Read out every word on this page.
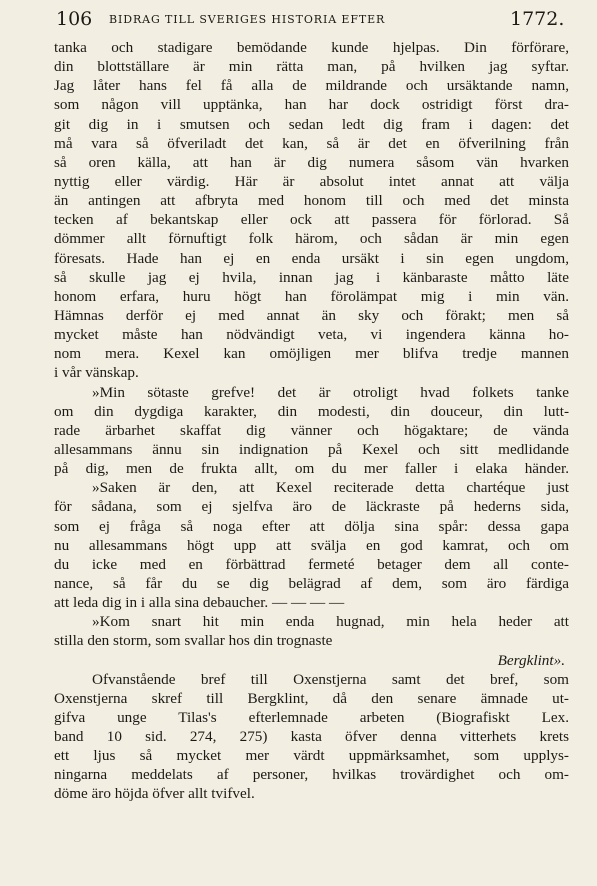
106 BIDRAG TILL SVERIGES HISTORIA EFTER	1772.
tanka och stadigare bemödande kunde hjelpas. Din förförare,
din blottställare är min rätta man, på hvilken jag syftar.
Jag låter hans fel få alla de mildrande och ursäktande namn,
som någon vill upptänka, han har dock ostridigt först dra-
git dig in i smutsen och sedan ledt dig fram i dagen: det
må vara så öfveriladt det kan, så är det en öfverilning från
så oren källa, att han är dig numera såsom vän hvarken
nyttig eller värdig. Här är absolut intet annat att välja
än antingen att afbryta med honom till och med det minsta
tecken af bekantskap eller ock att passera för förlorad. Så
dömmer allt förnuftigt folk härom, och sådan är min egen
föresats. Hade han ej en enda ursäkt i sin egen ungdom,
så skulle jag ej hvila, innan jag i känbaraste måtto läte
honom erfara, huru högt han förolämpat mig i min vän.
Hämnas derför ej med annat än sky och förakt; men så
mycket måste han nödvändigt veta, vi ingendera känna ho-
nom mera. Kexel kan omöjligen mer blifva tredje mannen
i vår vänskap.
»Min sötaste grefve! det är otroligt hvad folkets tanke
om din dygdiga karakter, din modesti, din douceur, din lutt-
rade ärbarhet skaffat dig vänner och högaktare; de vända
allesammans ännu sin indignation på Kexel och sitt medlidande
på dig, men de frukta allt, om du mer faller i elaka händer.
»Saken är den, att Kexel reciterade detta chartéque just
för sådana, som ej sjelfva äro de läckraste på hederns sida,
som ej fråga så noga efter att dölja sina spår: dessa gapa
nu allesammans högt upp att svälja en god kamrat, och om
du icke med en förbättrad fermeté betager dem all conte-
nance, så får du se dig belägrad af dem, som äro färdiga
att leda dig in i alla sina debaucher. — — — —
»Kom snart hit min enda hugnad, min hela heder att
stilla den storm, som svallar hos din trognaste
Bergklint».
Ofvanstående bref till Oxenstjerna samt det bref, som
Oxenstjerna skref till Bergklint, då den senare ämnade ut-
gifva unge Tilas's efterlemnade arbeten (Biografiskt Lex.
band 10 sid. 274, 275) kasta öfver denna vitterhets krets
ett ljus så mycket mer värdt uppmärksamhet, som upplys-
ningarna meddelats af personer, hvilkas trovärdighet och om-
döme äro höjda öfver allt tvifvel.
